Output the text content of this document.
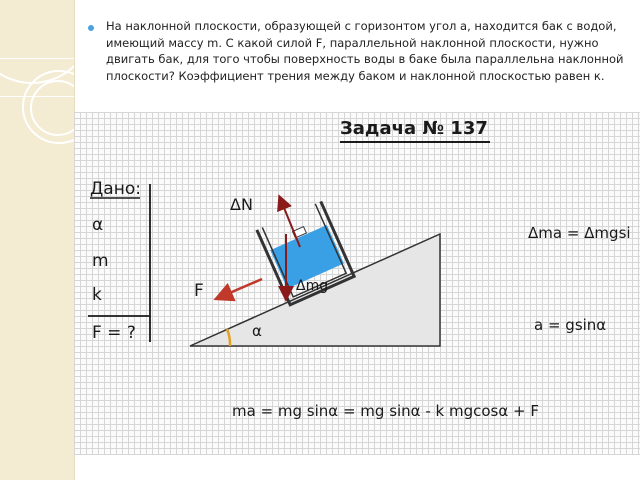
На наклонной плоскости, образующей с горизонтом угол a, находится бак с водой, имеющий массу m. С какой силой F, параллельной наклонной плоскости, нужно двигать бак, для того чтобы поверхность воды в баке была параллельна наклонной плоскости? Коэффициент трения между баком и наклонной плоскостью равен к.

Задача № 137
Дано:
α
m
k
F = ?	α
ΔN
Δmg
F
Δma = Δmgsi
a = gsinα
ma = mg sinα = mg sinα - k mgcosα + F
